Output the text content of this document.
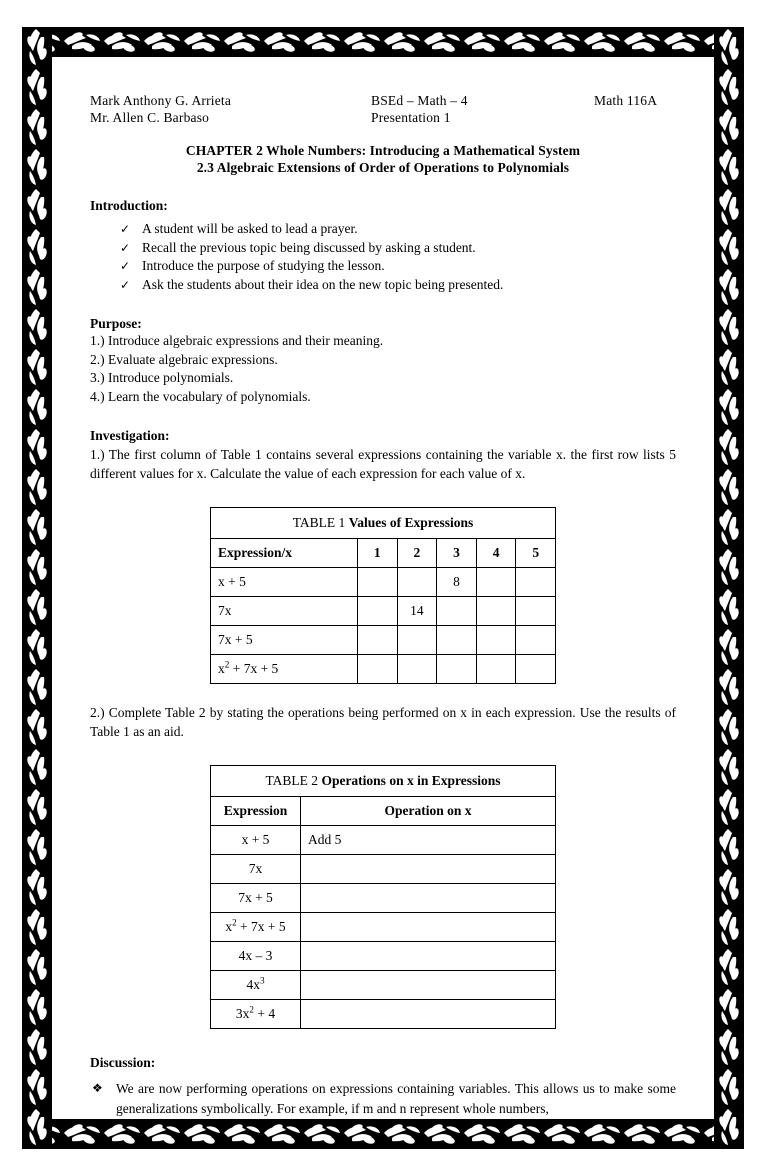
Mark Anthony G. Arrieta	BSEd – Math – 4	Math 116A
Mr. Allen C. Barbaso	Presentation 1
CHAPTER 2 Whole Numbers: Introducing a Mathematical System
2.3 Algebraic Extensions of Order of Operations to Polynomials
Introduction:
✓ A student will be asked to lead a prayer.
✓ Recall the previous topic being discussed by asking a student.
✓ Introduce the purpose of studying the lesson.
✓ Ask the students about their idea on the new topic being presented.
Purpose:
1.) Introduce algebraic expressions and their meaning.
2.) Evaluate algebraic expressions.
3.) Introduce polynomials.
4.) Learn the vocabulary of polynomials.
Investigation:

1.) The first column of Table 1 contains several expressions containing the variable x. the first row lists 5 different values for x. Calculate the value of each expression for each value of x.

TABLE 1 Values of Expressions					
Expression/x	1	2	3	4	5
x + 5			8		
7x		14			
7x + 5					
$x^2 + 7x + 5$					

2.) Complete Table 2 by stating the operations being performed on x in each expression. Use the results of Table 1 as an aid.

TABLE 2 Operations on x in Expressions	
Expression	Operation on x
x + 5	Add 5
7x	
7x + 5	
$x^2 + 7x + 5$	
4x – 3	
$4x^3$	
$3x^2 + 4$	
Discussion:
❖ We are now performing operations on expressions containing variables. This allows us to make some generalizations symbolically. For example, if m and n represent whole numbers,
